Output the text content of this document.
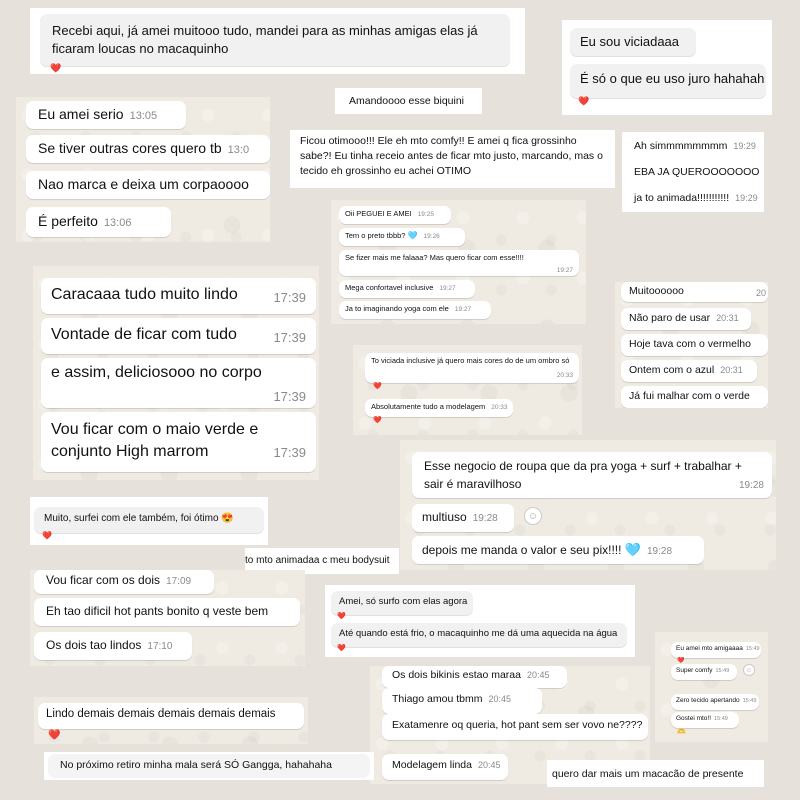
Recebi aqui, já amei muitooo tudo, mandei para as minhas amigas elas já ficaram loucas no macaquinho
❤️
Eu sou viciadaaa
É só o que eu uso juro hahahah
❤️
Eu amei serio 13:05
Se tiver outras cores quero tb 13:0
Nao marca e deixa um corpaoooo
É perfeito 13:06
Amandoooo esse biquini
Ficou otimooo!!! Ele eh mto comfy!! E amei q fica grossinho sabe?! Eu tinha receio antes de ficar mto justo, marcando, mas o tecido eh grossinho eu achei OTIMO
Ah simmmmmmmm 19:29
EBA JA QUEROOOOOOO
ja to animada!!!!!!!!!!! 19:29
Oii PEGUEI E AMEI 19:25
Tem o preto tbbb? 🩵 19:26
Se fizer mais me falaaa? Mas quero ficar com esse!!!!
19:27
Mega confortavel inclusive 19:27
Ja to imaginando yoga com ele 19:27
Caracaaa tudo muito lindo	17:39
Vontade de ficar com tudo	17:39
e assim, deliciosooo no corpo
17:39
Vou ficar com o maio verde e conjunto High marrom	17:39
Muitoooooo	20
Não paro de usar 20:31
Hoje tava com o vermelho
Ontem com o azul 20:31
Já fui malhar com o verde
To viciada inclusive já quero mais cores do de um ombro só
20:33
❤️
Absolutamente tudo a modelagem 20:33
❤️
Esse negocio de roupa que da pra yoga + surf + trabalhar + sair é maravilhoso	19:28
multiuso 19:28	☺
depois me manda o valor e seu pix!!!! 🩵 19:28
Muito, surfei com ele também, foi ótimo 😍
❤️
to mto animadaa c meu bodysuit
Vou ficar com os dois 17:09
Eh tao dificil hot pants bonito q veste bem
Os dois tao lindos 17:10
Amei, só surfo com elas agora
❤️
Até quando está frio, o macaquinho me dá uma aquecida na água
❤️	Eu amei mto amigaaaa 15:49
❤️
Super comfy 15:49	☺
Zero tecido apertando 15:49
Gostei mto!! 15:49
🫶
Os dois bikinis estao maraa 20:45
Thiago amou tbmm 20:45
Exatamenre oq queria, hot pant sem ser vovo ne????
Modelagem linda 20:45
Lindo demais demais demais demais demais
❤️
No próximo retiro minha mala será SÓ Gangga, hahahaha
quero dar mais um macacão de presente
